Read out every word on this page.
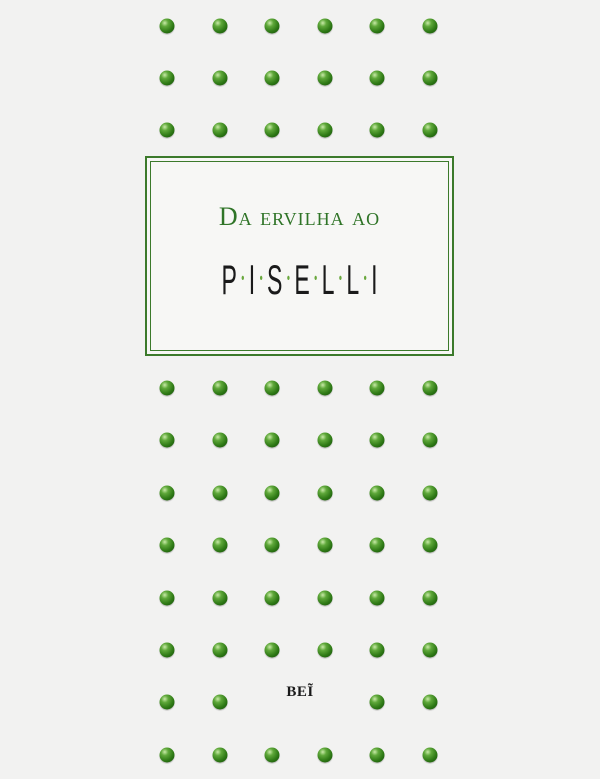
Da ervilha ao
P • I • S • E • L • L • I
BEĨ
